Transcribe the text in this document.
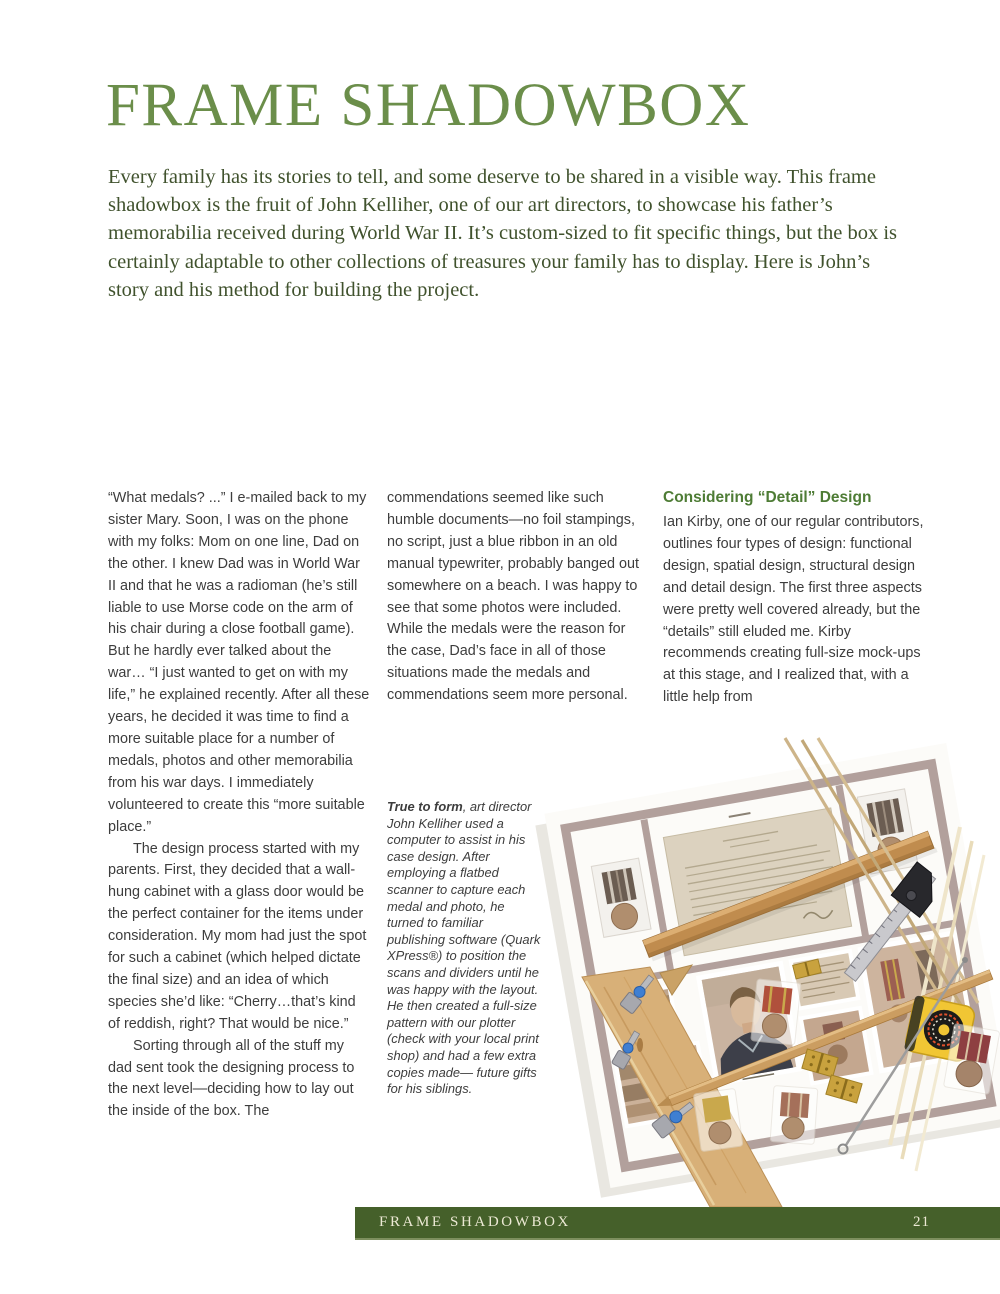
FRAME SHADOWBOX

Every family has its stories to tell, and some deserve to be shared in a visible way. This frame shadowbox is the fruit of John Kelliher, one of our art directors, to showcase his father’s memorabilia received during World War II. It’s custom-sized to fit specific things, but the box is certainly adaptable to other collections of treasures your family has to display. Here is John’s story and his method for building the project.

“What medals? ...” I e-mailed back to my sister Mary. Soon, I was on the phone with my folks: Mom on one line, Dad on the other. I knew Dad was in World War II and that he was a radioman (he’s still liable to use Morse code on the arm of his chair during a close football game). But he hardly ever talked about the war… “I just wanted to get on with my life,” he explained recently. After all these years, he decided it was time to find a more suitable place for a number of medals, photos and other memorabilia from his war days. I immediately volunteered to create this “more suitable place.”

The design process started with my parents. First, they decided that a wall-hung cabinet with a glass door would be the perfect container for the items under consideration. My mom had just the spot for such a cabinet (which helped dictate the final size) and an idea of which species she’d like: “Cherry…that’s kind of reddish, right? That would be nice.”

Sorting through all of the stuff my dad sent took the designing process to the next level—deciding how to lay out the inside of the box. The

commendations seemed like such humble documents—no foil stampings, no script, just a blue ribbon in an old manual typewriter, probably banged out somewhere on a beach. I was happy to see that some photos were included. While the medals were the reason for the case, Dad’s face in all of those situations made the medals and commendations seem more personal.

True to form, art director John Kelliher used a computer to assist in his case design. After employing a flatbed scanner to capture each medal and photo, he turned to familiar publishing software (Quark XPress®) to position the scans and dividers until he was happy with the layout. He then created a full-size pattern with our plotter (check with your local print shop) and had a few extra copies made— future gifts for his siblings.

Considering “Detail” Design

Ian Kirby, one of our regular contributors, outlines four types of design: functional design, spatial design, structural design and detail design. The first three aspects were pretty well covered already, but the “details” still eluded me. Kirby recommends creating full-size mock-ups at this stage, and I realized that, with a little help from

FRAME SHADOWBOX	21
